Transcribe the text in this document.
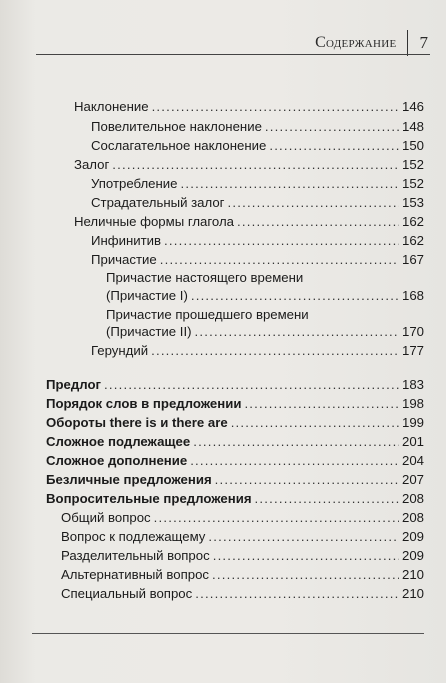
Содержание	7
Наклонение .....	146
Повелительное наклонение .....	148
Сослагательное наклонение .....	150
Залог .....	152
Употребление .....	152
Страдательный залог .....	153
Неличные формы глагола .....	162
Инфинитив .....	162
Причастие .....	167
Причастие настоящего времени
(Причастие I) .....	168
Причастие прошедшего времени
(Причастие II) .....	170
Герундий .....	177
Предлог .....	183
Порядок слов в предложении .....	198
Обороты there is и there are .....	199
Сложное подлежащее .....	201
Сложное дополнение .....	204
Безличные предложения .....	207
Вопросительные предложения .....	208
Общий вопрос .....	208
Вопрос к подлежащему .....	209
Разделительный вопрос .....	209
Альтернативный вопрос .....	210
Специальный вопрос .....	210
